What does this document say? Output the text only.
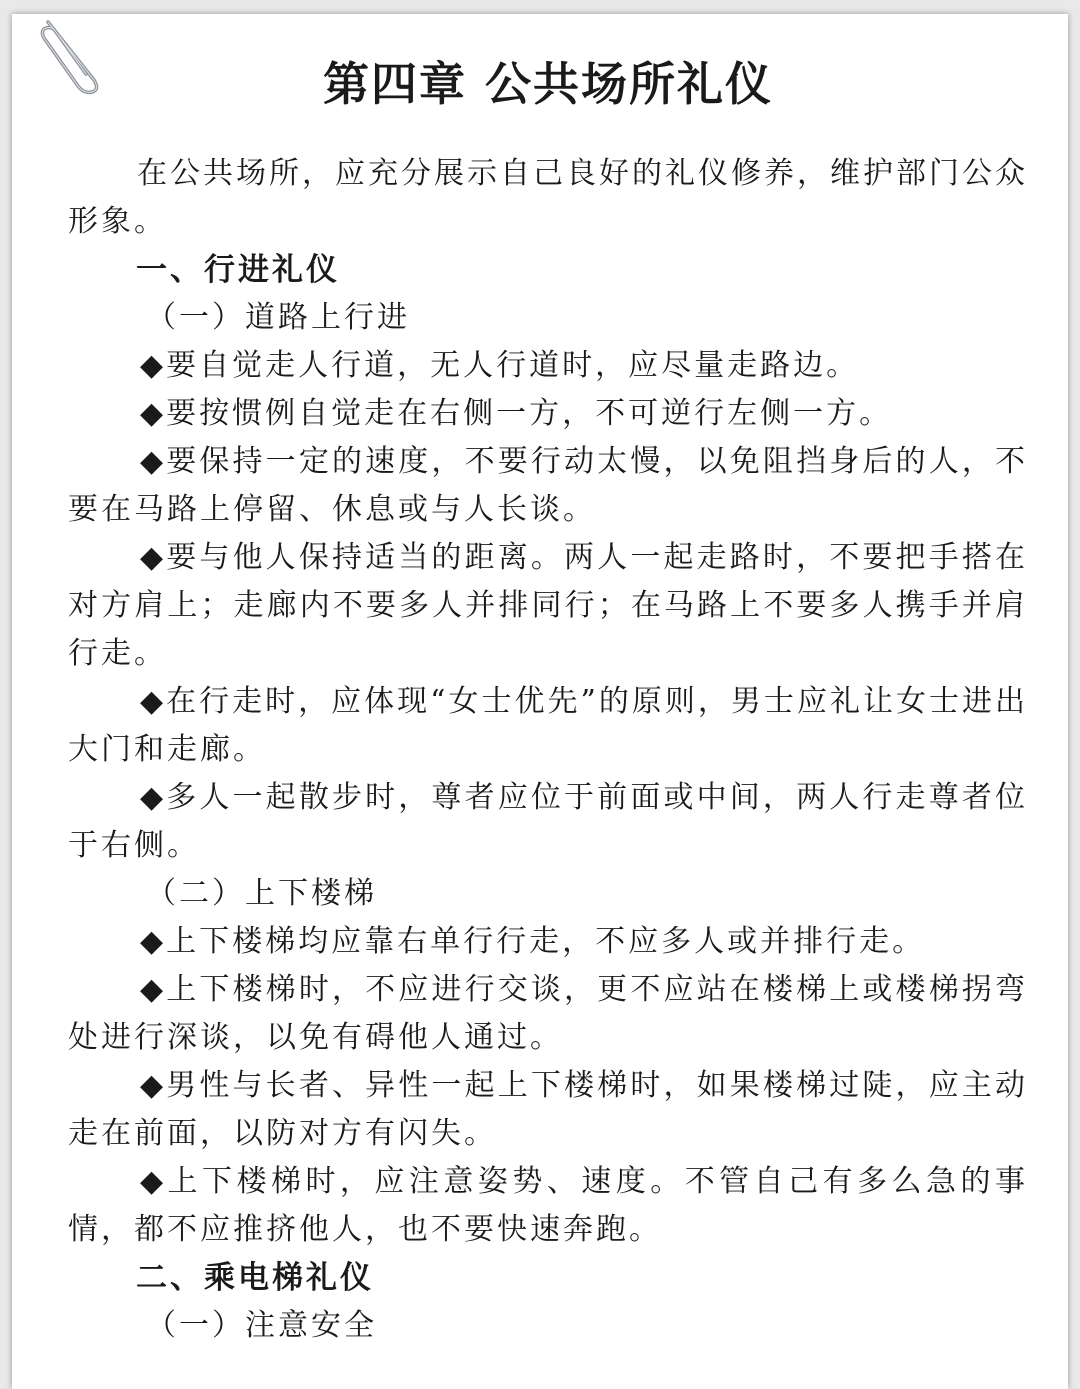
第四章 公共场所礼仪

在公共场所，应充分展示自己良好的礼仪修养，维护部门公众形象。

一、行进礼仪

（一）道路上行进

◆要自觉走人行道，无人行道时，应尽量走路边。

◆要按惯例自觉走在右侧一方，不可逆行左侧一方。

◆要保持一定的速度，不要行动太慢，以免阻挡身后的人，不要在马路上停留、休息或与人长谈。

◆要与他人保持适当的距离。两人一起走路时，不要把手搭在对方肩上；走廊内不要多人并排同行；在马路上不要多人携手并肩行走。

◆在行走时，应体现“女士优先”的原则，男士应礼让女士进出大门和走廊。

◆多人一起散步时，尊者应位于前面或中间，两人行走尊者位于右侧。

（二）上下楼梯

◆上下楼梯均应靠右单行行走，不应多人或并排行走。

◆上下楼梯时，不应进行交谈，更不应站在楼梯上或楼梯拐弯处进行深谈，以免有碍他人通过。

◆男性与长者、异性一起上下楼梯时，如果楼梯过陡，应主动走在前面，以防对方有闪失。

◆上下楼梯时，应注意姿势、速度。不管自己有多么急的事情，都不应推挤他人，也不要快速奔跑。

二、乘电梯礼仪

（一）注意安全
